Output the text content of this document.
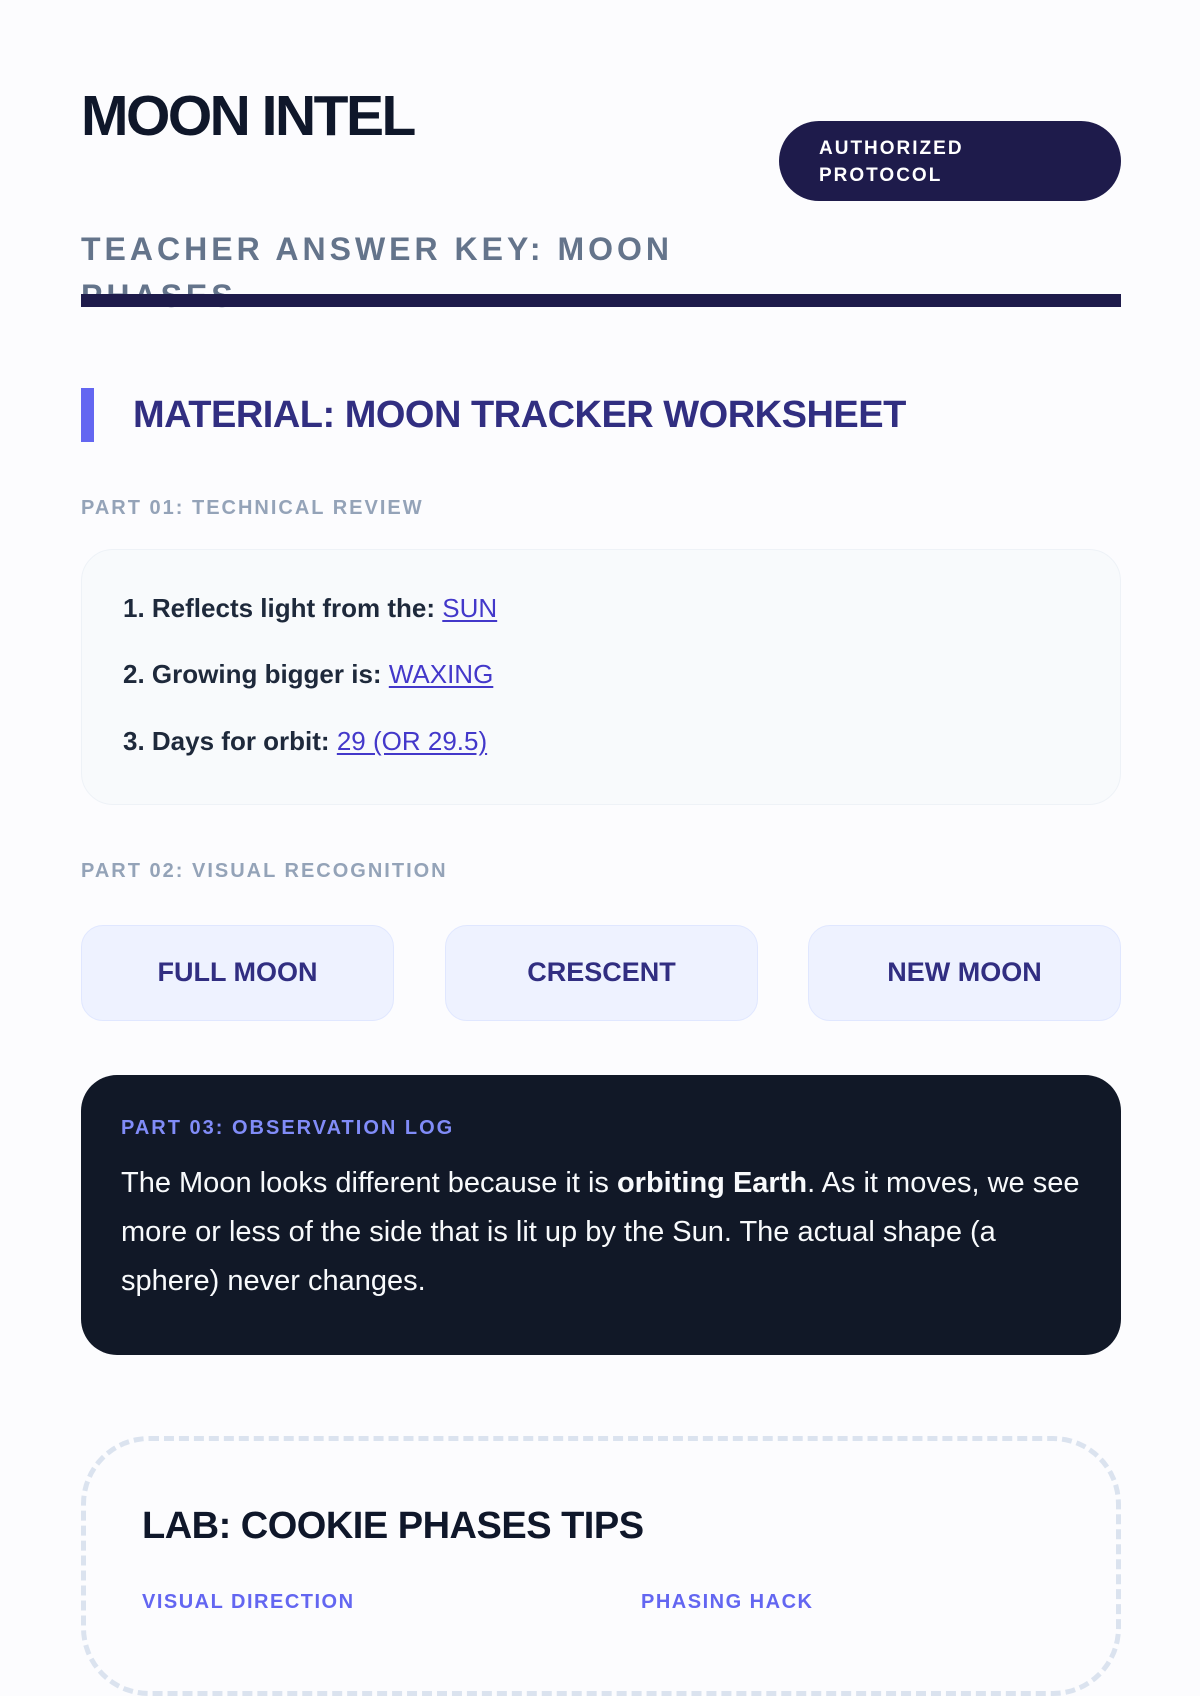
MOON INTEL
TEACHER ANSWER KEY: MOON
AUTHORIZED PROTOCOL
MATERIAL: MOON TRACKER WORKSHEET

PART 01: TECHNICAL REVIEW

1. Reflects light from the: SUN

2. Growing bigger is: WAXING

3. Days for orbit: 29 (OR 29.5)

PART 02: VISUAL RECOGNITION

FULL MOON	CRESCENT	NEW MOON

PART 03: OBSERVATION LOG

The Moon looks different because it is orbiting Earth. As it moves, we see more or less of the side that is lit up by the Sun. The actual shape (a sphere) never changes.

LAB: COOKIE PHASES TIPS

VISUAL DIRECTION	PHASING HACK
